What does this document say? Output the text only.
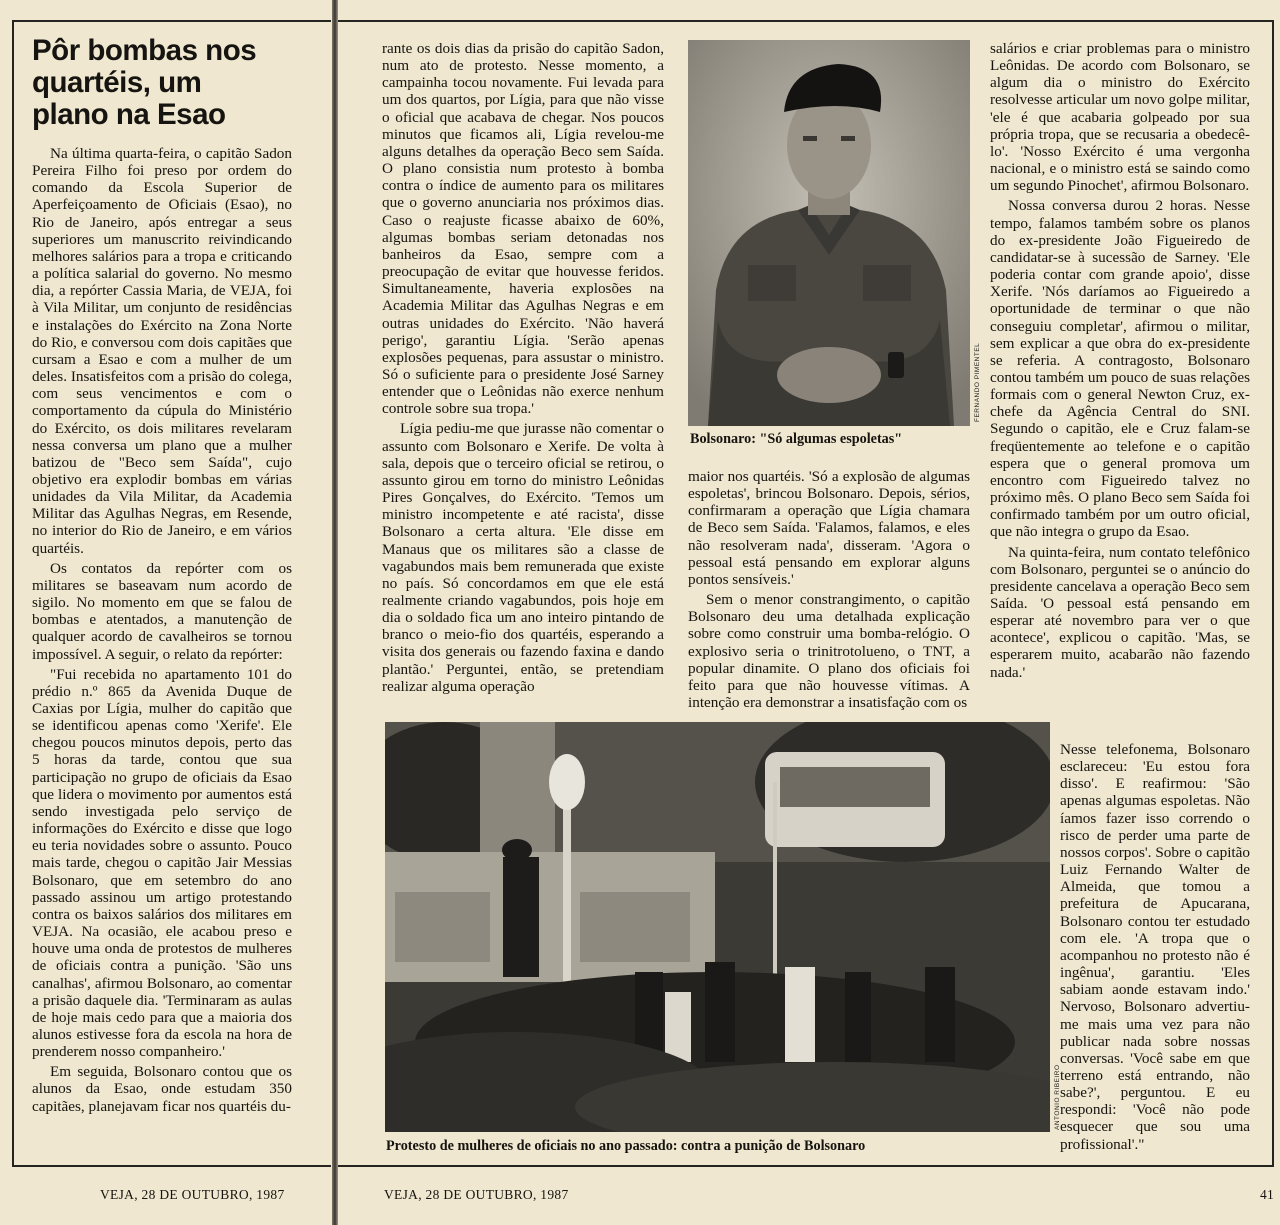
Pôr bombas nos
quartéis, um
plano na Esao

Na última quarta-feira, o capitão Sadon Pereira Filho foi preso por ordem do comando da Escola Superior de Aperfeiçoamento de Oficiais (Esao), no Rio de Janeiro, após entregar a seus superiores um manuscrito reivindicando melhores salários para a tropa e criticando a política salarial do governo. No mesmo dia, a repórter Cassia Maria, de VEJA, foi à Vila Militar, um conjunto de residências e instalações do Exército na Zona Norte do Rio, e conversou com dois capitães que cursam a Esao e com a mulher de um deles. Insatisfeitos com a prisão do colega, com seus vencimentos e com o comportamento da cúpula do Ministério do Exército, os dois militares revelaram nessa conversa um plano que a mulher batizou de "Beco sem Saída", cujo objetivo era explodir bombas em várias unidades da Vila Militar, da Academia Militar das Agulhas Negras, em Resende, no interior do Rio de Janeiro, e em vários quartéis.

Os contatos da repórter com os militares se baseavam num acordo de sigilo. No momento em que se falou de bombas e atentados, a manutenção de qualquer acordo de cavalheiros se tornou impossível. A seguir, o relato da repórter:

"Fui recebida no apartamento 101 do prédio n.º 865 da Avenida Duque de Caxias por Lígia, mulher do capitão que se identificou apenas como 'Xerife'. Ele chegou poucos minutos depois, perto das 5 horas da tarde, contou que sua participação no grupo de oficiais da Esao que lidera o movimento por aumentos está sendo investigada pelo serviço de informações do Exército e disse que logo eu teria novidades sobre o assunto. Pouco mais tarde, chegou o capitão Jair Messias Bolsonaro, que em setembro do ano passado assinou um artigo protestando contra os baixos salários dos militares em VEJA. Na ocasião, ele acabou preso e houve uma onda de protestos de mulheres de oficiais contra a punição. 'São uns canalhas', afirmou Bolsonaro, ao comentar a prisão daquele dia. 'Terminaram as aulas de hoje mais cedo para que a maioria dos alunos estivesse fora da escola na hora de prenderem nosso companheiro.'

Em seguida, Bolsonaro contou que os alunos da Esao, onde estudam 350 capitães, planejavam ficar nos quartéis du-

VEJA, 28 DE OUTUBRO, 1987

rante os dois dias da prisão do capitão Sadon, num ato de protesto. Nesse momento, a campainha tocou novamente. Fui levada para um dos quartos, por Lígia, para que não visse o oficial que acabava de chegar. Nos poucos minutos que ficamos ali, Lígia revelou-me alguns detalhes da operação Beco sem Saída. O plano consistia num protesto à bomba contra o índice de aumento para os militares que o governo anunciaria nos próximos dias. Caso o reajuste ficasse abaixo de 60%, algumas bombas seriam detonadas nos banheiros da Esao, sempre com a preocupação de evitar que houvesse feridos. Simultaneamente, haveria explosões na Academia Militar das Agulhas Negras e em outras unidades do Exército. 'Não haverá perigo', garantiu Lígia. 'Serão apenas explosões pequenas, para assustar o ministro. Só o suficiente para o presidente José Sarney entender que o Leônidas não exerce nenhum controle sobre sua tropa.'

Lígia pediu-me que jurasse não comentar o assunto com Bolsonaro e Xerife. De volta à sala, depois que o terceiro oficial se retirou, o assunto girou em torno do ministro Leônidas Pires Gonçalves, do Exército. 'Temos um ministro incompetente e até racista', disse Bolsonaro a certa altura. 'Ele disse em Manaus que os militares são a classe de vagabundos mais bem remunerada que existe no país. Só concordamos em que ele está realmente criando vagabundos, pois hoje em dia o soldado fica um ano inteiro pintando de branco o meio-fio dos quartéis, esperando a visita dos generais ou fazendo faxina e dando plantão.' Perguntei, então, se pretendiam realizar alguma operação

FERNANDO PIMENTEL
Bolsonaro: "Só algumas espoletas"

maior nos quartéis. 'Só a explosão de algumas espoletas', brincou Bolsonaro. Depois, sérios, confirmaram a operação que Lígia chamara de Beco sem Saída. 'Falamos, falamos, e eles não resolveram nada', disseram. 'Agora o pessoal está pensando em explorar alguns pontos sensíveis.'

Sem o menor constrangimento, o capitão Bolsonaro deu uma detalhada explicação sobre como construir uma bomba-relógio. O explosivo seria o trinitrotolueno, o TNT, a popular dinamite. O plano dos oficiais foi feito para que não houvesse vítimas. A intenção era demonstrar a insatisfação com os

salários e criar problemas para o ministro Leônidas. De acordo com Bolsonaro, se algum dia o ministro do Exército resolvesse articular um novo golpe militar, 'ele é que acabaria golpeado por sua própria tropa, que se recusaria a obedecê-lo'. 'Nosso Exército é uma vergonha nacional, e o ministro está se saindo como um segundo Pinochet', afirmou Bolsonaro.

Nossa conversa durou 2 horas. Nesse tempo, falamos também sobre os planos do ex-presidente João Figueiredo de candidatar-se à sucessão de Sarney. 'Ele poderia contar com grande apoio', disse Xerife. 'Nós daríamos ao Figueiredo a oportunidade de terminar o que não conseguiu completar', afirmou o militar, sem explicar a que obra do ex-presidente se referia. A contragosto, Bolsonaro contou também um pouco de suas relações formais com o general Newton Cruz, ex-chefe da Agência Central do SNI. Segundo o capitão, ele e Cruz falam-se freqüentemente ao telefone e o capitão espera que o general promova um encontro com Figueiredo talvez no próximo mês. O plano Beco sem Saída foi confirmado também por um outro oficial, que não integra o grupo da Esao.

Na quinta-feira, num contato telefônico com Bolsonaro, perguntei se o anúncio do presidente cancelava a operação Beco sem Saída. 'O pessoal está pensando em esperar até novembro para ver o que acontece', explicou o capitão. 'Mas, se esperarem muito, acabarão não fazendo nada.'

ANTONIO RIBEIRO
Protesto de mulheres de oficiais no ano passado: contra a punição de Bolsonaro

Nesse telefonema, Bolsonaro esclareceu: 'Eu estou fora disso'. E reafirmou: 'São apenas algumas espoletas. Não íamos fazer isso correndo o risco de perder uma parte de nossos corpos'. Sobre o capitão Luiz Fernando Walter de Almeida, que tomou a prefeitura de Apucarana, Bolsonaro contou ter estudado com ele. 'A tropa que o acompanhou no protesto não é ingênua', garantiu. 'Eles sabiam aonde estavam indo.' Nervoso, Bolsonaro advertiu-me mais uma vez para não publicar nada sobre nossas conversas. 'Você sabe em que terreno está entrando, não sabe?', perguntou. E eu respondi: 'Você não pode esquecer que sou uma profissional'."

VEJA, 28 DE OUTUBRO, 1987	41
